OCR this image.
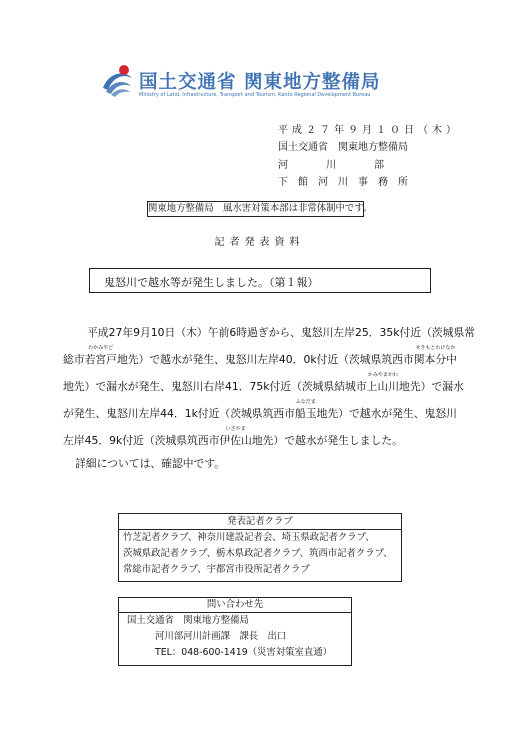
国土交通省 関東地方整備局
Ministry of Land, Infrastructure, Transport and Tourism, Kanto Regional Development Bureau
平成２７年９月１０日（木）
国土交通省　関東地方整備局
河川部
下館河川事務所
関東地方整備局　風水害対策本部は非常体制中です。
記者発表資料
鬼怒川で越水等が発生しました。（第１報）
平成27年9月10日（木）午前6時過ぎから、鬼怒川左岸25．35k付近（茨城県常
総市
わかみやど
若宮戸地先）で越水が発生、鬼怒川左岸40．0k付近（茨城県筑西市
せきもとわけなか
関本分中
地先）で漏水が発生、鬼怒川右岸41．75k付近（茨城県結城市
かみやまかわ
上山川地先）で漏水
が発生、鬼怒川左岸44．1k付近（茨城県筑西市
ふなだま
船玉地先）で越水が発生、鬼怒川
左岸45．9k付近（茨城県筑西市
いさやま
伊佐山地先）で越水が発生しました。
詳細については、確認中です。
発表記者クラブ
竹芝記者クラブ、神奈川建設記者会、埼玉県政記者クラブ、
茨城県政記者クラブ、栃木県政記者クラブ、筑西市記者クラブ、
常総市記者クラブ、宇都宮市役所記者クラブ
問い合わせ先
国土交通省　関東地方整備局
河川部河川計画課　課長　出口
TEL：048-600-1419（災害対策室直通）
